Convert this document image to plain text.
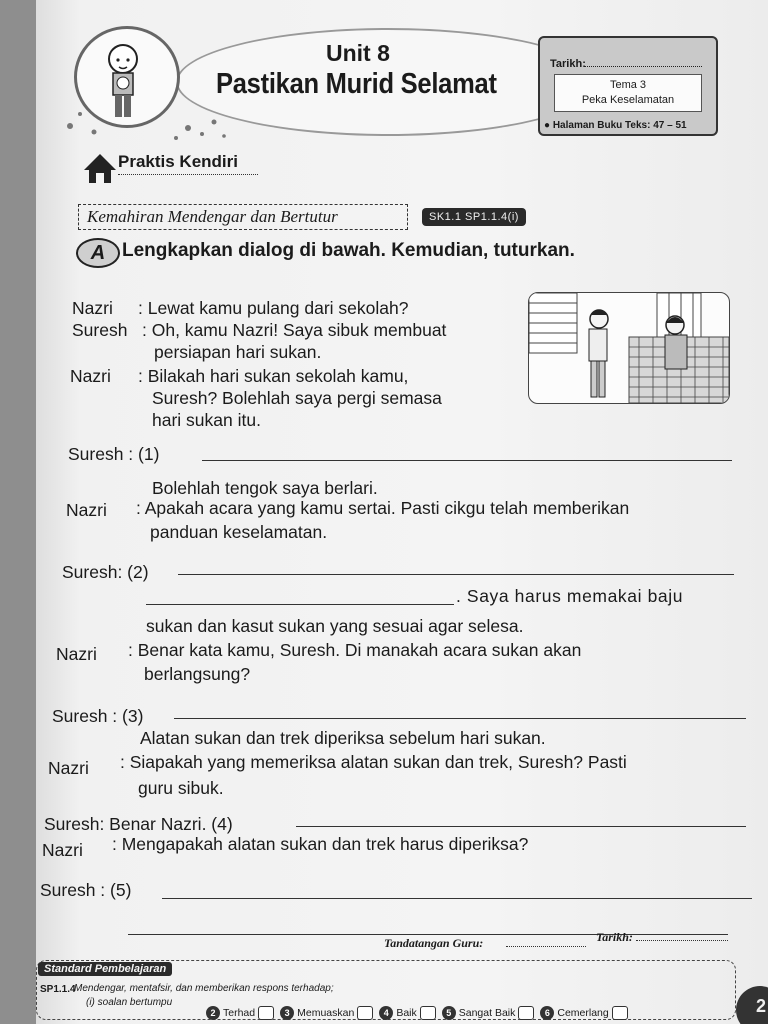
Unit 8
Pastikan Murid Selamat
Tarikh:
Tema 3
Peka Keselamatan
● Halaman Buku Teks: 47 – 51
Praktis Kendiri
Kemahiran Mendengar dan Bertutur	SK1.1 SP1.1.4(i)
A Lengkapkan dialog di bawah. Kemudian, tuturkan.
Nazri : Lewat kamu pulang dari sekolah?
Suresh : Oh, kamu Nazri! Saya sibuk membuat
persiapan hari sukan.
Nazri : Bilakah hari sukan sekolah kamu,
Suresh? Bolehlah saya pergi semasa
hari sukan itu.
Suresh : (1)
Bolehlah tengok saya berlari.
Nazri : Apakah acara yang kamu sertai. Pasti cikgu telah memberikan
panduan keselamatan.
Suresh: (2)
. Saya harus memakai baju
sukan dan kasut sukan yang sesuai agar selesa.
Nazri : Benar kata kamu, Suresh. Di manakah acara sukan akan
berlangsung?
Suresh : (3)
Alatan sukan dan trek diperiksa sebelum hari sukan.
Nazri : Siapakah yang memeriksa alatan sukan dan trek, Suresh? Pasti
guru sibuk.
Suresh: Benar Nazri. (4)
Nazri : Mengapakah alatan sukan dan trek harus diperiksa?
Suresh : (5)
Tandatangan Guru:	Tarikh:
Standard Pembelajaran
SP1.1.4
Mendengar, mentafsir, dan memberikan respons terhadap;
(i) soalan bertumpu
2 Terhad	3 Memuaskan	4 Baik	5 Sangat Baik	6 Cemerlang	2
